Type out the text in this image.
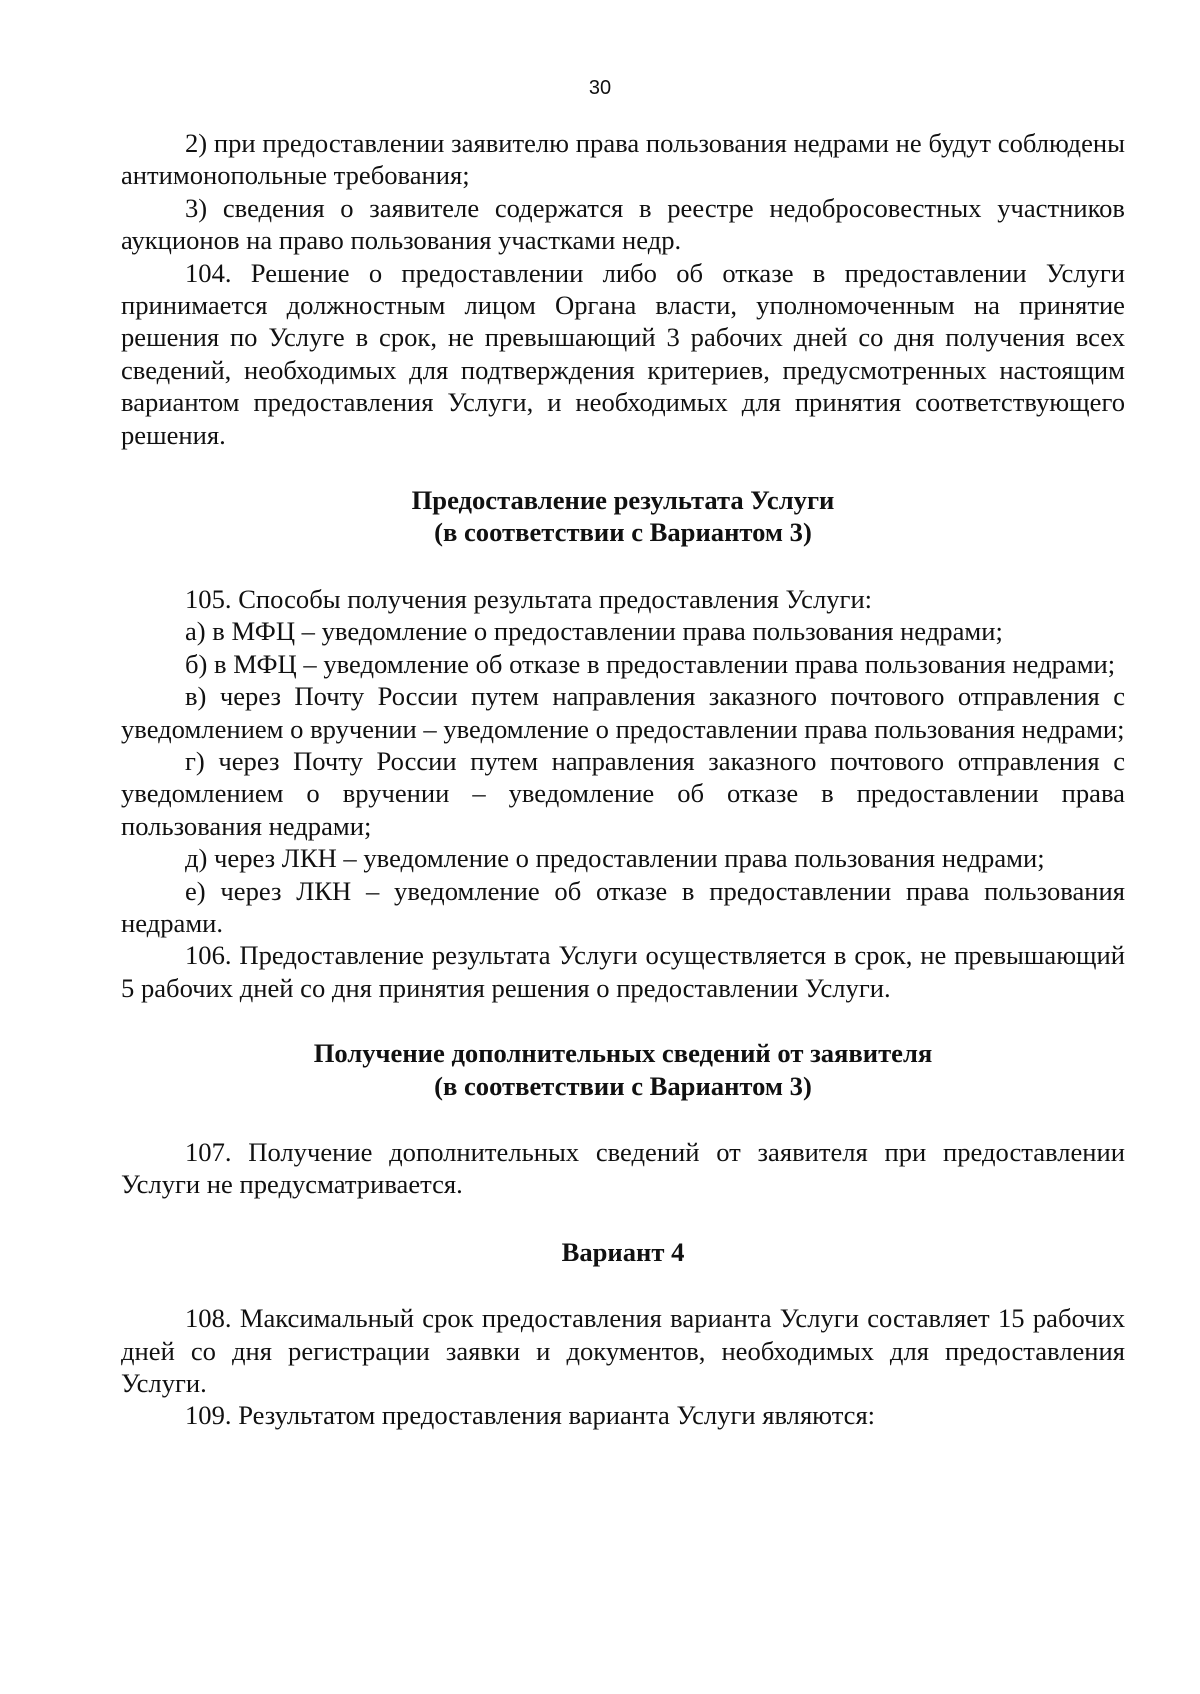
30

2) при предоставлении заявителю права пользования недрами не будут соблюдены антимонопольные требования;

3) сведения о заявителе содержатся в реестре недобросовестных участников аукционов на право пользования участками недр.

104. Решение о предоставлении либо об отказе в предоставлении Услуги принимается должностным лицом Органа власти, уполномоченным на принятие решения по Услуге в срок, не превышающий 3 рабочих дней со дня получения всех сведений, необходимых для подтверждения критериев, предусмотренных настоящим вариантом предоставления Услуги, и необходимых для принятия соответствующего решения.

Предоставление результата Услуги

(в соответствии с Вариантом 3)

105. Способы получения результата предоставления Услуги:

а) в МФЦ – уведомление о предоставлении права пользования недрами;

б) в МФЦ – уведомление об отказе в предоставлении права пользования недрами;

в) через Почту России путем направления заказного почтового отправления с уведомлением о вручении – уведомление о предоставлении права пользования недрами;

г) через Почту России путем направления заказного почтового отправления с уведомлением о вручении – уведомление об отказе в предоставлении права пользования недрами;

д) через ЛКН – уведомление о предоставлении права пользования недрами;

е) через ЛКН – уведомление об отказе в предоставлении права пользования недрами.

106. Предоставление результата Услуги осуществляется в срок, не превышающий 5 рабочих дней со дня принятия решения о предоставлении Услуги.

Получение дополнительных сведений от заявителя

(в соответствии с Вариантом 3)

107. Получение дополнительных сведений от заявителя при предоставлении Услуги не предусматривается.

Вариант 4

108. Максимальный срок предоставления варианта Услуги составляет 15 рабочих дней со дня регистрации заявки и документов, необходимых для предоставления Услуги.

109. Результатом предоставления варианта Услуги являются:
